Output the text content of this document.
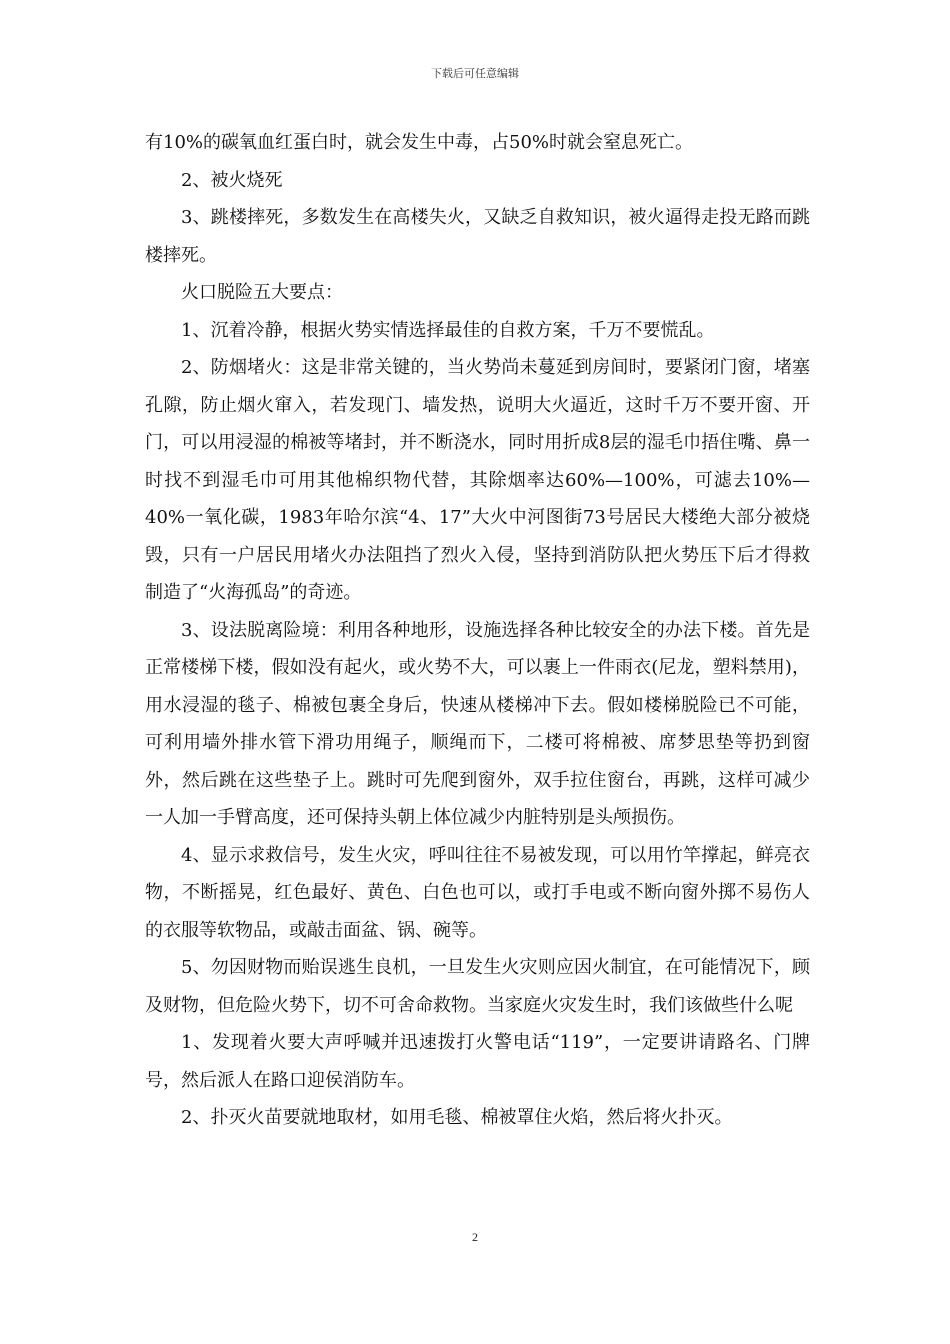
下载后可任意编辑

有10%的碳氧血红蛋白时，就会发生中毒，占50%时就会窒息死亡。

2、被火烧死

3、跳楼摔死，多数发生在高楼失火，又缺乏自救知识，被火逼得走投无路而跳楼摔死。

火口脱险五大要点：

1、沉着冷静，根据火势实情选择最佳的自救方案，千万不要慌乱。

2、防烟堵火：这是非常关键的，当火势尚未蔓延到房间时，要紧闭门窗，堵塞孔隙，防止烟火窜入，若发现门、墙发热，说明大火逼近，这时千万不要开窗、开门，可以用浸湿的棉被等堵封，并不断浇水，同时用折成8层的湿毛巾捂住嘴、鼻一时找不到湿毛巾可用其他棉织物代替，其除烟率达60%—100%，可滤去10%—40%一氧化碳，1983年哈尔滨“4、17”大火中河图街73号居民大楼绝大部分被烧毁，只有一户居民用堵火办法阻挡了烈火入侵，坚持到消防队把火势压下后才得救制造了“火海孤岛”的奇迹。

3、设法脱离险境：利用各种地形，设施选择各种比较安全的办法下楼。首先是正常楼梯下楼，假如没有起火，或火势不大，可以裹上一件雨衣(尼龙，塑料禁用)，用水浸湿的毯子、棉被包裹全身后，快速从楼梯冲下去。假如楼梯脱险已不可能，可利用墙外排水管下滑功用绳子，顺绳而下，二楼可将棉被、席梦思垫等扔到窗外，然后跳在这些垫子上。跳时可先爬到窗外，双手拉住窗台，再跳，这样可减少一人加一手臂高度，还可保持头朝上体位减少内脏特别是头颅损伤。

4、显示求救信号，发生火灾，呼叫往往不易被发现，可以用竹竿撑起，鲜亮衣物，不断摇晃，红色最好、黄色、白色也可以，或打手电或不断向窗外掷不易伤人的衣服等软物品，或敲击面盆、锅、碗等。

5、勿因财物而贻误逃生良机，一旦发生火灾则应因火制宜，在可能情况下，顾及财物，但危险火势下，切不可舍命救物。当家庭火灾发生时，我们该做些什么呢

1、发现着火要大声呼喊并迅速拨打火警电话“119”，一定要讲请路名、门牌号，然后派人在路口迎侯消防车。

2、扑灭火苗要就地取材，如用毛毯、棉被罩住火焰，然后将火扑灭。

2
